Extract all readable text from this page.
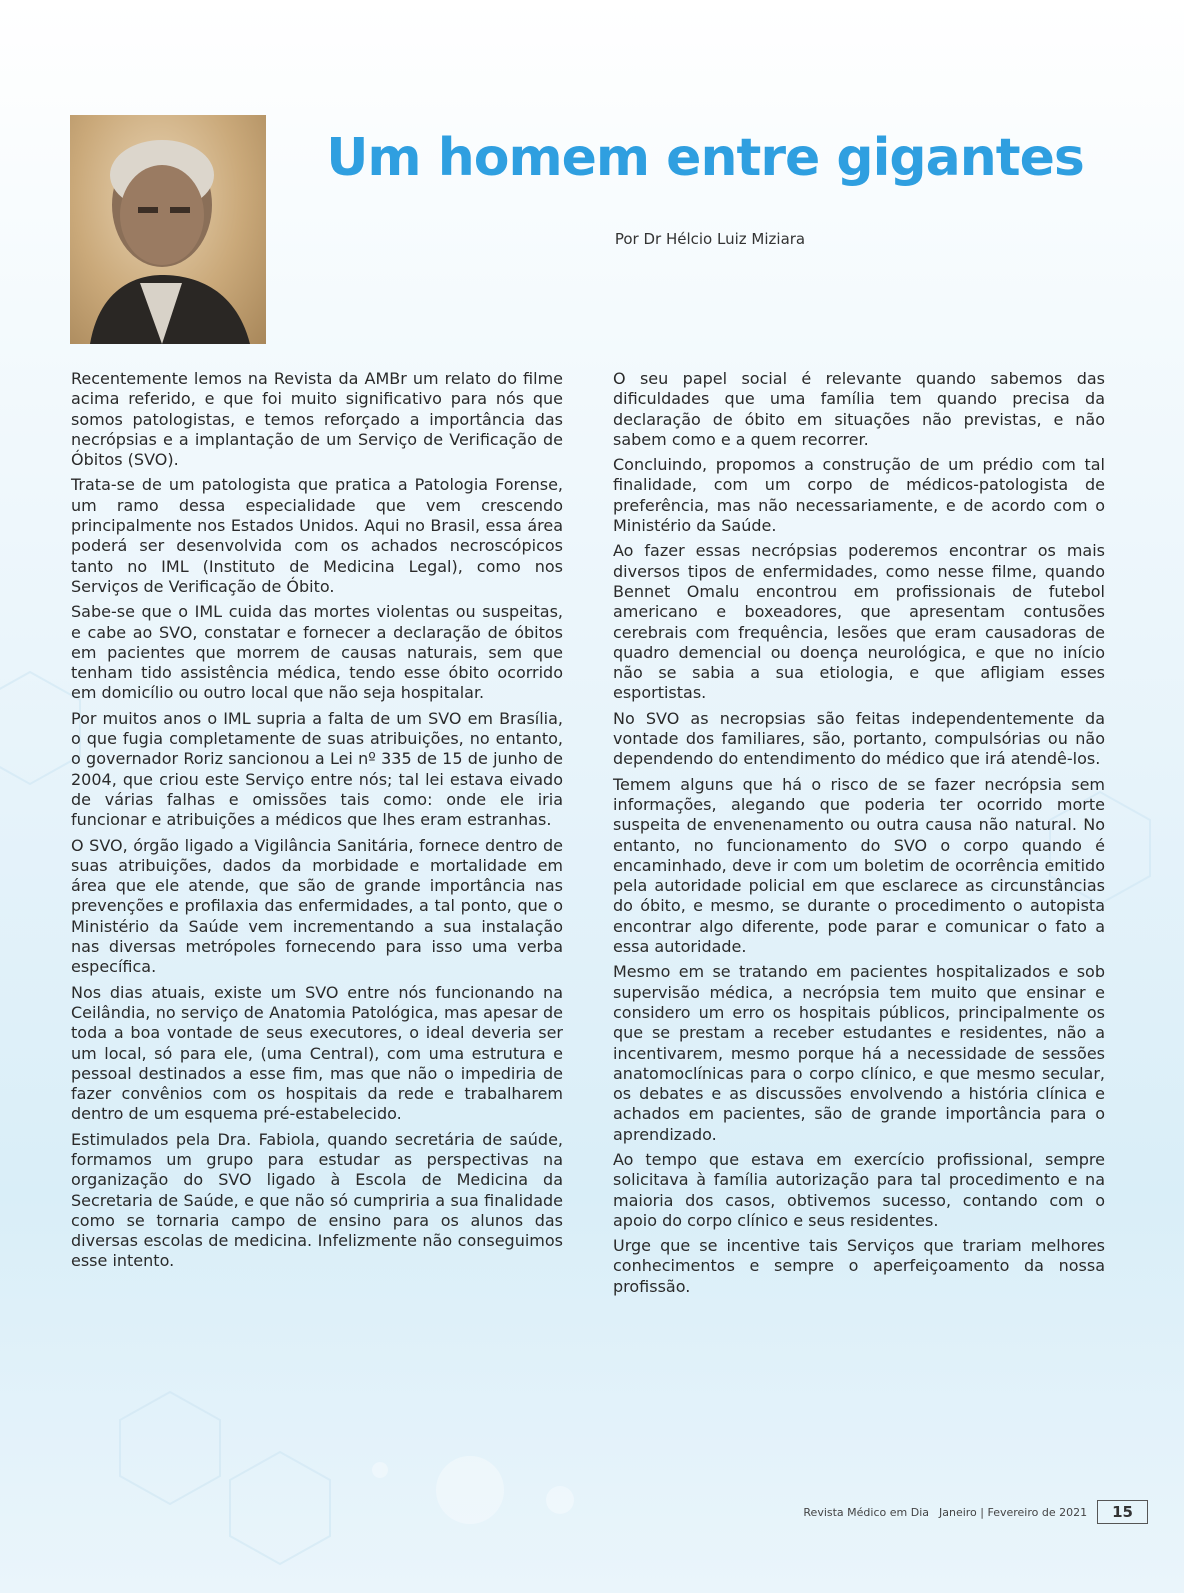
Um homem entre gigantes
Por Dr Hélcio Luiz Miziara

Recentemente lemos na Revista da AMBr um relato do filme acima referido, e que foi muito significativo para nós que somos patologistas, e temos reforçado a importância das necrópsias e a implantação de um Serviço de Verificação de Óbitos (SVO).

Trata-se de um patologista que pratica a Patologia Forense, um ramo dessa especialidade que vem crescendo principalmente nos Estados Unidos. Aqui no Brasil, essa área poderá ser desenvolvida com os achados necroscópicos tanto no IML (Instituto de Medicina Legal), como nos Serviços de Verificação de Óbito.

Sabe-se que o IML cuida das mortes violentas ou suspeitas, e cabe ao SVO, constatar e fornecer a declaração de óbitos em pacientes que morrem de causas naturais, sem que tenham tido assistência médica, tendo esse óbito ocorrido em domicílio ou outro local que não seja hospitalar.

Por muitos anos o IML supria a falta de um SVO em Brasília, o que fugia completamente de suas atribuições, no entanto, o governador Roriz sancionou a Lei nº 335 de 15 de junho de 2004, que criou este Serviço entre nós; tal lei estava eivado de várias falhas e omissões tais como: onde ele iria funcionar e atribuições a médicos que lhes eram estranhas.

O SVO, órgão ligado a Vigilância Sanitária, fornece dentro de suas atribuições, dados da morbidade e mortalidade em área que ele atende, que são de grande importância nas prevenções e profilaxia das enfermidades, a tal ponto, que o Ministério da Saúde vem incrementando a sua instalação nas diversas metrópoles fornecendo para isso uma verba específica.

Nos dias atuais, existe um SVO entre nós funcionando na Ceilândia, no serviço de Anatomia Patológica, mas apesar de toda a boa vontade de seus executores, o ideal deveria ser um local, só para ele, (uma Central), com uma estrutura e pessoal destinados a esse fim, mas que não o impediria de fazer convênios com os hospitais da rede e trabalharem dentro de um esquema pré-estabelecido.

Estimulados pela Dra. Fabiola, quando secretária de saúde, formamos um grupo para estudar as perspectivas na organização do SVO ligado à Escola de Medicina da Secretaria de Saúde, e que não só cumpriria a sua finalidade como se tornaria campo de ensino para os alunos das diversas escolas de medicina. Infelizmente não conseguimos esse intento.

O seu papel social é relevante quando sabemos das dificuldades que uma família tem quando precisa da declaração de óbito em situações não previstas, e não sabem como e a quem recorrer.

Concluindo, propomos a construção de um prédio com tal finalidade, com um corpo de médicos-patologista de preferência, mas não necessariamente, e de acordo com o Ministério da Saúde.

Ao fazer essas necrópsias poderemos encontrar os mais diversos tipos de enfermidades, como nesse filme, quando Bennet Omalu encontrou em profissionais de futebol americano e boxeadores, que apresentam contusões cerebrais com frequência, lesões que eram causadoras de quadro demencial ou doença neurológica, e que no início não se sabia a sua etiologia, e que afligiam esses esportistas.

No SVO as necropsias são feitas independentemente da vontade dos familiares, são, portanto, compulsórias ou não dependendo do entendimento do médico que irá atendê-los.

Temem alguns que há o risco de se fazer necrópsia sem informações, alegando que poderia ter ocorrido morte suspeita de envenenamento ou outra causa não natural. No entanto, no funcionamento do SVO o corpo quando é encaminhado, deve ir com um boletim de ocorrência emitido pela autoridade policial em que esclarece as circunstâncias do óbito, e mesmo, se durante o procedimento o autopista encontrar algo diferente, pode parar e comunicar o fato a essa autoridade.

Mesmo em se tratando em pacientes hospitalizados e sob supervisão médica, a necrópsia tem muito que ensinar e considero um erro os hospitais públicos, principalmente os que se prestam a receber estudantes e residentes, não a incentivarem, mesmo porque há a necessidade de sessões anatomoclínicas para o corpo clínico, e que mesmo secular, os debates e as discussões envolvendo a história clínica e achados em pacientes, são de grande importância para o aprendizado.

Ao tempo que estava em exercício profissional, sempre solicitava à família autorização para tal procedimento e na maioria dos casos, obtivemos sucesso, contando com o apoio do corpo clínico e seus residentes.

Urge que se incentive tais Serviços que trariam melhores conhecimentos e sempre o aperfeiçoamento da nossa profissão.

Revista Médico em Dia Janeiro | Fevereiro de 2021	15
